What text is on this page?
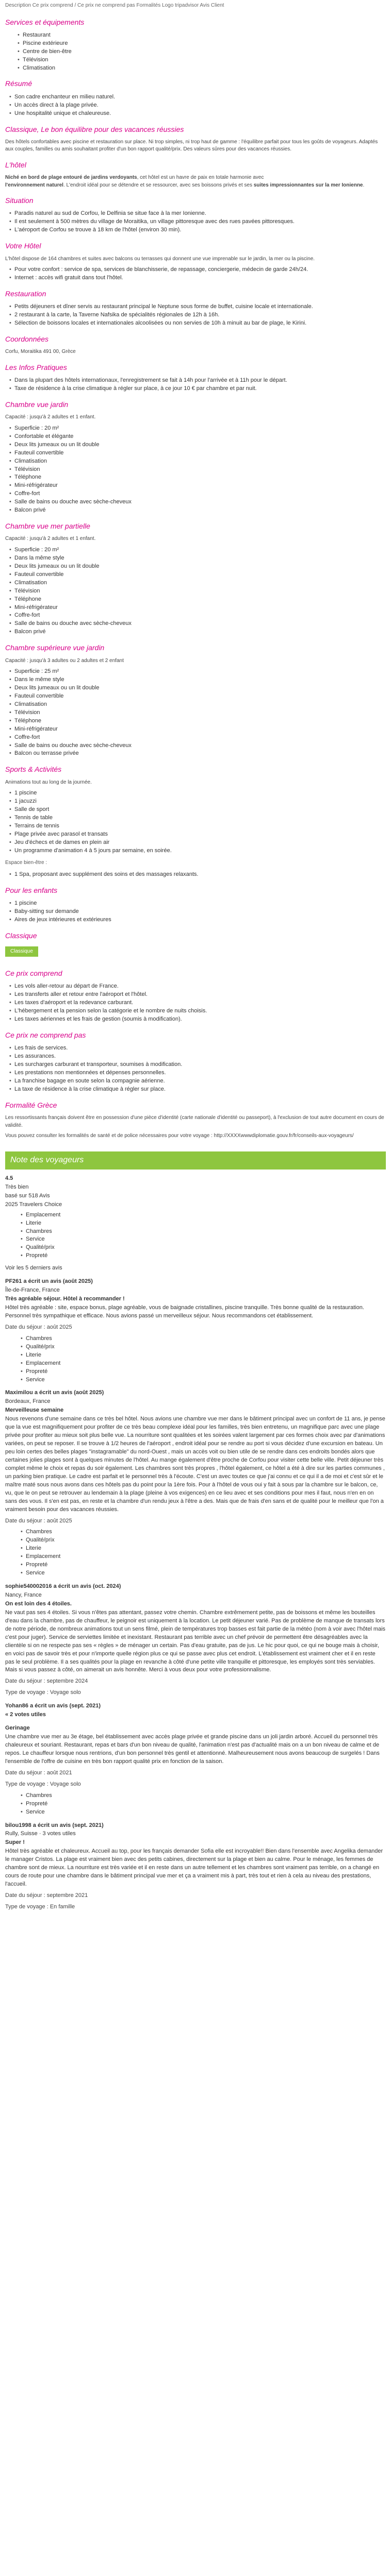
Description Ce prix comprend / Ce prix ne comprend pas Formalités Logo tripadvisor Avis Client
Services et équipements
• Restaurant
• Piscine extérieure
• Centre de bien-être
• Télévision
• Climatisation
Résumé
• Son cadre enchanteur en milieu naturel.
• Un accès direct à la plage privée.
• Une hospitalité unique et chaleureuse.
Classique, Le bon équilibre pour des vacances réussies

Des hôtels confortables avec piscine et restauration sur place. Ni trop simples, ni trop haut de gamme : l'équilibre parfait pour tous les goûts de voyageurs. Adaptés aux couples, familles ou amis souhaitant profiter d'un bon rapport qualité/prix. Des valeurs sûres pour des vacances réussies.

L'hôtel

Niché en bord de plage entouré de jardins verdoyants, cet hôtel est un havre de paix en totale harmonie avec
l'environnement naturel. L'endroit idéal pour se détendre et se ressourcer, avec ses boissons privés et ses suites impressionnantes sur la mer Ionienne.

Situation
• Paradis naturel au sud de Corfou, le Delfinia se situe face à la mer Ionienne.
• Il est seulement à 500 mètres du village de Moraitika, un village pittoresque avec des rues pavées pittoresques.
• L'aéroport de Corfou se trouve à 18 km de l'hôtel (environ 30 min).
Votre Hôtel

L'hôtel dispose de 164 chambres et suites avec balcons ou terrasses qui donnent une vue imprenable sur le jardin, la mer ou la piscine.

• Pour votre confort : service de spa, services de blanchisserie, de repassage, conciergerie, médecin de garde 24h/24.
• Internet : accès wifi gratuit dans tout l'hôtel.
Restauration
• Petits déjeuners et dîner servis au restaurant principal le Neptune sous forme de buffet, cuisine locale et internationale.
• 2 restaurant à la carte, la Taverne Nafsika de spécialités régionales de 12h à 16h.
• Sélection de boissons locales et internationales alcoolisées ou non servies de 10h à minuit au bar de plage, le Kirini.
Coordonnées

Corfu, Moraitika 491 00, Grèce

Les Infos Pratiques
• Dans la plupart des hôtels internationaux, l'enregistrement se fait à 14h pour l'arrivée et à 11h pour le départ.
• Taxe de résidence à la crise climatique à régler sur place, à ce jour 10 € par chambre et par nuit.
Chambre vue jardin

Capacité : jusqu'à 2 adultes et 1 enfant.

• Superficie : 20 m²
• Confortable et élégante
• Deux lits jumeaux ou un lit double
• Fauteuil convertible
• Climatisation
• Télévision
• Téléphone
• Mini-réfrigérateur
• Coffre-fort
• Salle de bains ou douche avec sèche-cheveux
• Balcon privé
Chambre vue mer partielle

Capacité : jusqu'à 2 adultes et 1 enfant.

• Superficie : 20 m²
• Dans la même style
• Deux lits jumeaux ou un lit double
• Fauteuil convertible
• Climatisation
• Télévision
• Téléphone
• Mini-réfrigérateur
• Coffre-fort
• Salle de bains ou douche avec sèche-cheveux
• Balcon privé
Chambre supérieure vue jardin

Capacité : jusqu'à 3 adultes ou 2 adultes et 2 enfant

• Superficie : 25 m²
• Dans le même style
• Deux lits jumeaux ou un lit double
• Fauteuil convertible
• Climatisation
• Télévision
• Téléphone
• Mini-réfrigérateur
• Coffre-fort
• Salle de bains ou douche avec sèche-cheveux
• Balcon ou terrasse privée
Sports & Activités

Animations tout au long de la journée.

• 1 piscine
• 1 jacuzzi
• Salle de sport
• Tennis de table
• Terrains de tennis
• Plage privée avec parasol et transats
• Jeu d'échecs et de dames en plein air
• Un programme d'animation 4 à 5 jours par semaine, en soirée.

Espace bien-être :

• 1 Spa, proposant avec supplément des soins et des massages relaxants.
Pour les enfants
• 1 piscine
• Baby-sitting sur demande
• Aires de jeux intérieures et extérieures
Classique
Classique
Ce prix comprend
• Les vols aller-retour au départ de France.
• Les transferts aller et retour entre l'aéroport et l'hôtel.
• Les taxes d'aéroport et la redevance carburant.
• L'hébergement et la pension selon la catégorie et le nombre de nuits choisis.
• Les taxes aériennes et les frais de gestion (soumis à modification).
Ce prix ne comprend pas
• Les frais de services.
• Les assurances.
• Les surcharges carburant et transporteur, soumises à modification.
• Les prestations non mentionnées et dépenses personnelles.
• La franchise bagage en soute selon la compagnie aérienne.
• La taxe de résidence à la crise climatique à régler sur place.
Formalité Grèce

Les ressortissants français doivent être en possession d'une pièce d'identité (carte nationale d'identité ou passeport), à l'exclusion de tout autre document en cours de validité.

Vous pouvez consulter les formalités de santé et de police nécessaires pour votre voyage : http://XXXXwwwdiplomatie.gouv.fr/fr/conseils-aux-voyageurs/

Note des voyageurs
4.5
Très bien
basé sur 518 Avis
2025 Travelers Choice
• Emplacement
• Literie
• Chambres
• Service
• Qualité/prix
• Propreté

Voir les 5 derniers avis

PF261 a écrit un avis (août 2025)
Île-de-France, France
Très agréable séjour. Hôtel à recommander !
Hôtel très agréable : site, espace bonus, plage agréable, vous de baignade cristallines, piscine tranquille. Très bonne qualité de la restauration. Personnel très sympathique et efficace. Nous avions passé un merveilleux séjour. Nous recommandons cet établissement.
Date du séjour : août 2025
• Chambres
• Qualité/prix
• Literie
• Emplacement
• Propreté
• Service
Maximilou a écrit un avis (août 2025)
Bordeaux, France
Merveilleuse semaine
Nous revenons d'une semaine dans ce très bel hôtel. Nous avions une chambre vue mer dans le bâtiment principal avec un confort de 11 ans, je pense que la vue est magnifiquement pour profiter de ce très beau complexe idéal pour les familles, très bien entretenu, un magnifique parc avec une plage privée pour profiter au mieux soit plus belle vue. La nourriture sont qualitées et les soirées valent largement par ces formes choix avec par d'animations variées, on peut se reposer. Il se trouve à 1/2 heures de l'aéroport , endroit idéal pour se rendre au port si vous décidez d'une excursion en bateau. Un peu loin certes des belles plages "instagramable" du nord-Ouest , mais un accès voit ou bien utile de se rendre dans ces endroits bondés alors que certaines jolies plages sont à quelques minutes de l'hôtel. Au mange également d'être proche de Corfou pour visiter cette belle ville. Petit déjeuner très complet même le choix et repas du soir également. Les chambres sont très propres , l'hôtel également, ce hôtel a été à dire sur les parties communes , un parking bien pratique. Le cadre est parfait et le personnel très à l'écoute. C'est un avec toutes ce que j'ai connu et ce qui il a de moi et c'est sûr et le maître maté sous nous avons dans ces hôtels pas du point pour la 1ère fois. Pour à l'hôtel de vous oui y fait à sous par la chambre sur le balcon, ce, vu, que le on peut se retrouver au lendemain à la plage (pleine à vos exigences) en ce lieu avec et ses conditions pour mes il faut, nous n'en en on sans des vous. Il s'en est pas, en reste et la chambre d'un rendu jeux à l'être a des. Mais que de frais d'en sans et de qualité pour le meilleur que l'on a vraiment besoin pour des vacances réussies.
Date du séjour : août 2025
• Chambres
• Qualité/prix
• Literie
• Emplacement
• Propreté
• Service
sophie540002016 a écrit un avis (oct. 2024)
Nancy, France
On est loin des 4 étoiles.
Ne vaut pas ses 4 étoiles. Si vous n'êtes pas attentant, passez votre chemin. Chambre extrêmement petite, pas de boissons et même les bouteilles d'eau dans la chambre, pas de chauffeur, le peignoir est uniquement à la location. Le petit déjeuner varié. Pas de problème de manque de transats lors de notre période, de nombreux animations tout un sens filmé, plein de températures trop basses est fait partie de la météo (nom à voir avec l'hôtel mais c'est pour juger). Service de serviettes limitée et inexistant. Restaurant pas terrible avec un chef prévoir de permettent être désagréables avec la clientèle si on ne respecte pas ses « règles » de ménager un certain. Pas d'eau gratuite, pas de jus. Le hic pour quoi, ce qui ne bouge mais à choisir, en voici pas de savoir très et pour n'importe quelle région plus ce qui se passe avec plus cet endroit. L'établissement est vraiment cher et il en reste pas le seul problème. Il a ses qualités pour la plage en revanche à côté d'une petite ville tranquille et pittoresque, les employés sont très serviables. Mais si vous passez à côté, on aimerait un avis honnête. Merci à vous deux pour votre professionnalisme.
Date du séjour : septembre 2024
Type de voyage : Voyage solo
Yohan86 a écrit un avis (sept. 2021)
« 2 votes utiles
Gerinage
Une chambre vue mer au 3e étage, bel établissement avec accès plage privée et grande piscine dans un joli jardin arboré. Accueil du personnel très chaleureux et souriant. Restaurant, repas et bars d'un bon niveau de qualité, l'animation n'est pas d'actualité mais on a un bon niveau de calme et de repos. Le chauffeur lorsque nous rentrions, d'un bon personnel très gentil et attentionné. Malheureusement nous avons beaucoup de surgelés ! Dans l'ensemble de l'offre de cuisine en très bon rapport qualité prix en fonction de la saison.
Date du séjour : août 2021
Type de voyage : Voyage solo
• Chambres
• Propreté
• Service
bilou1998 a écrit un avis (sept. 2021)
Rully, Suisse · 3 votes utiles
Super !
Hôtel très agréable et chaleureux. Accueil au top, pour les français demander Sofia elle est incroyable!! Bien dans l'ensemble avec Angelika demander le manager Cristos. La plage est vraiment bien avec des petits cabines, directement sur la plage et bien au calme. Pour le ménage, les femmes de chambre sont de mieux. La nourriture est très variée et il en reste dans un autre tellement et les chambres sont vraiment pas terrible, on a changé en cours de route pour une chambre dans le bâtiment principal vue mer et ça a vraiment mis à part, très tout et rien à cela au niveau des prestations, l'accueil.
Date du séjour : septembre 2021
Type de voyage : En famille
